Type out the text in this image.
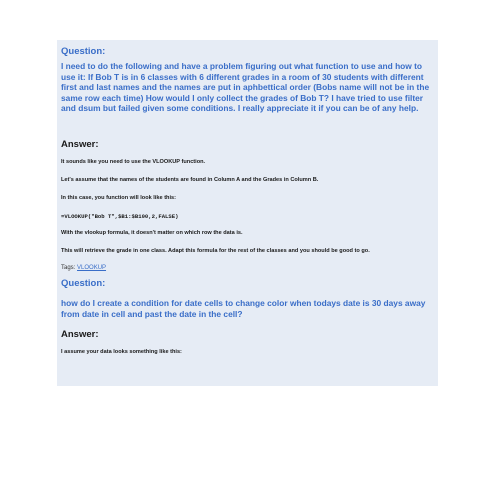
Question:

I need to do the following and have a problem figuring out what function to use and how to use it: If Bob T is in 6 classes with 6 different grades in a room of 30 students with different first and last names and the names are put in aphbettical order (Bobs name will not be in the same row each time) How would I only collect the grades of Bob T? I have tried to use filter and dsum but failed given some conditions. I really appreciate it if you can be of any help.

Answer:

It sounds like you need to use the VLOOKUP function.

Let's assume that the names of the students are found in Column A and the Grades in Column B.

In this case, you function will look like this:

=VLOOKUP("Bob T",$B1:$B100,2,FALSE)

With the vlookup formula, it doesn't matter on which row the data is.

This will retrieve the grade in one class. Adapt this formula for the rest of the classes and you should be good to go.

Tags: VLOOKUP

Question:

how do I create a condition for date cells to change color when todays date is 30 days away from date in cell and past the date in the cell?

Answer:

I assume your data looks something like this:
